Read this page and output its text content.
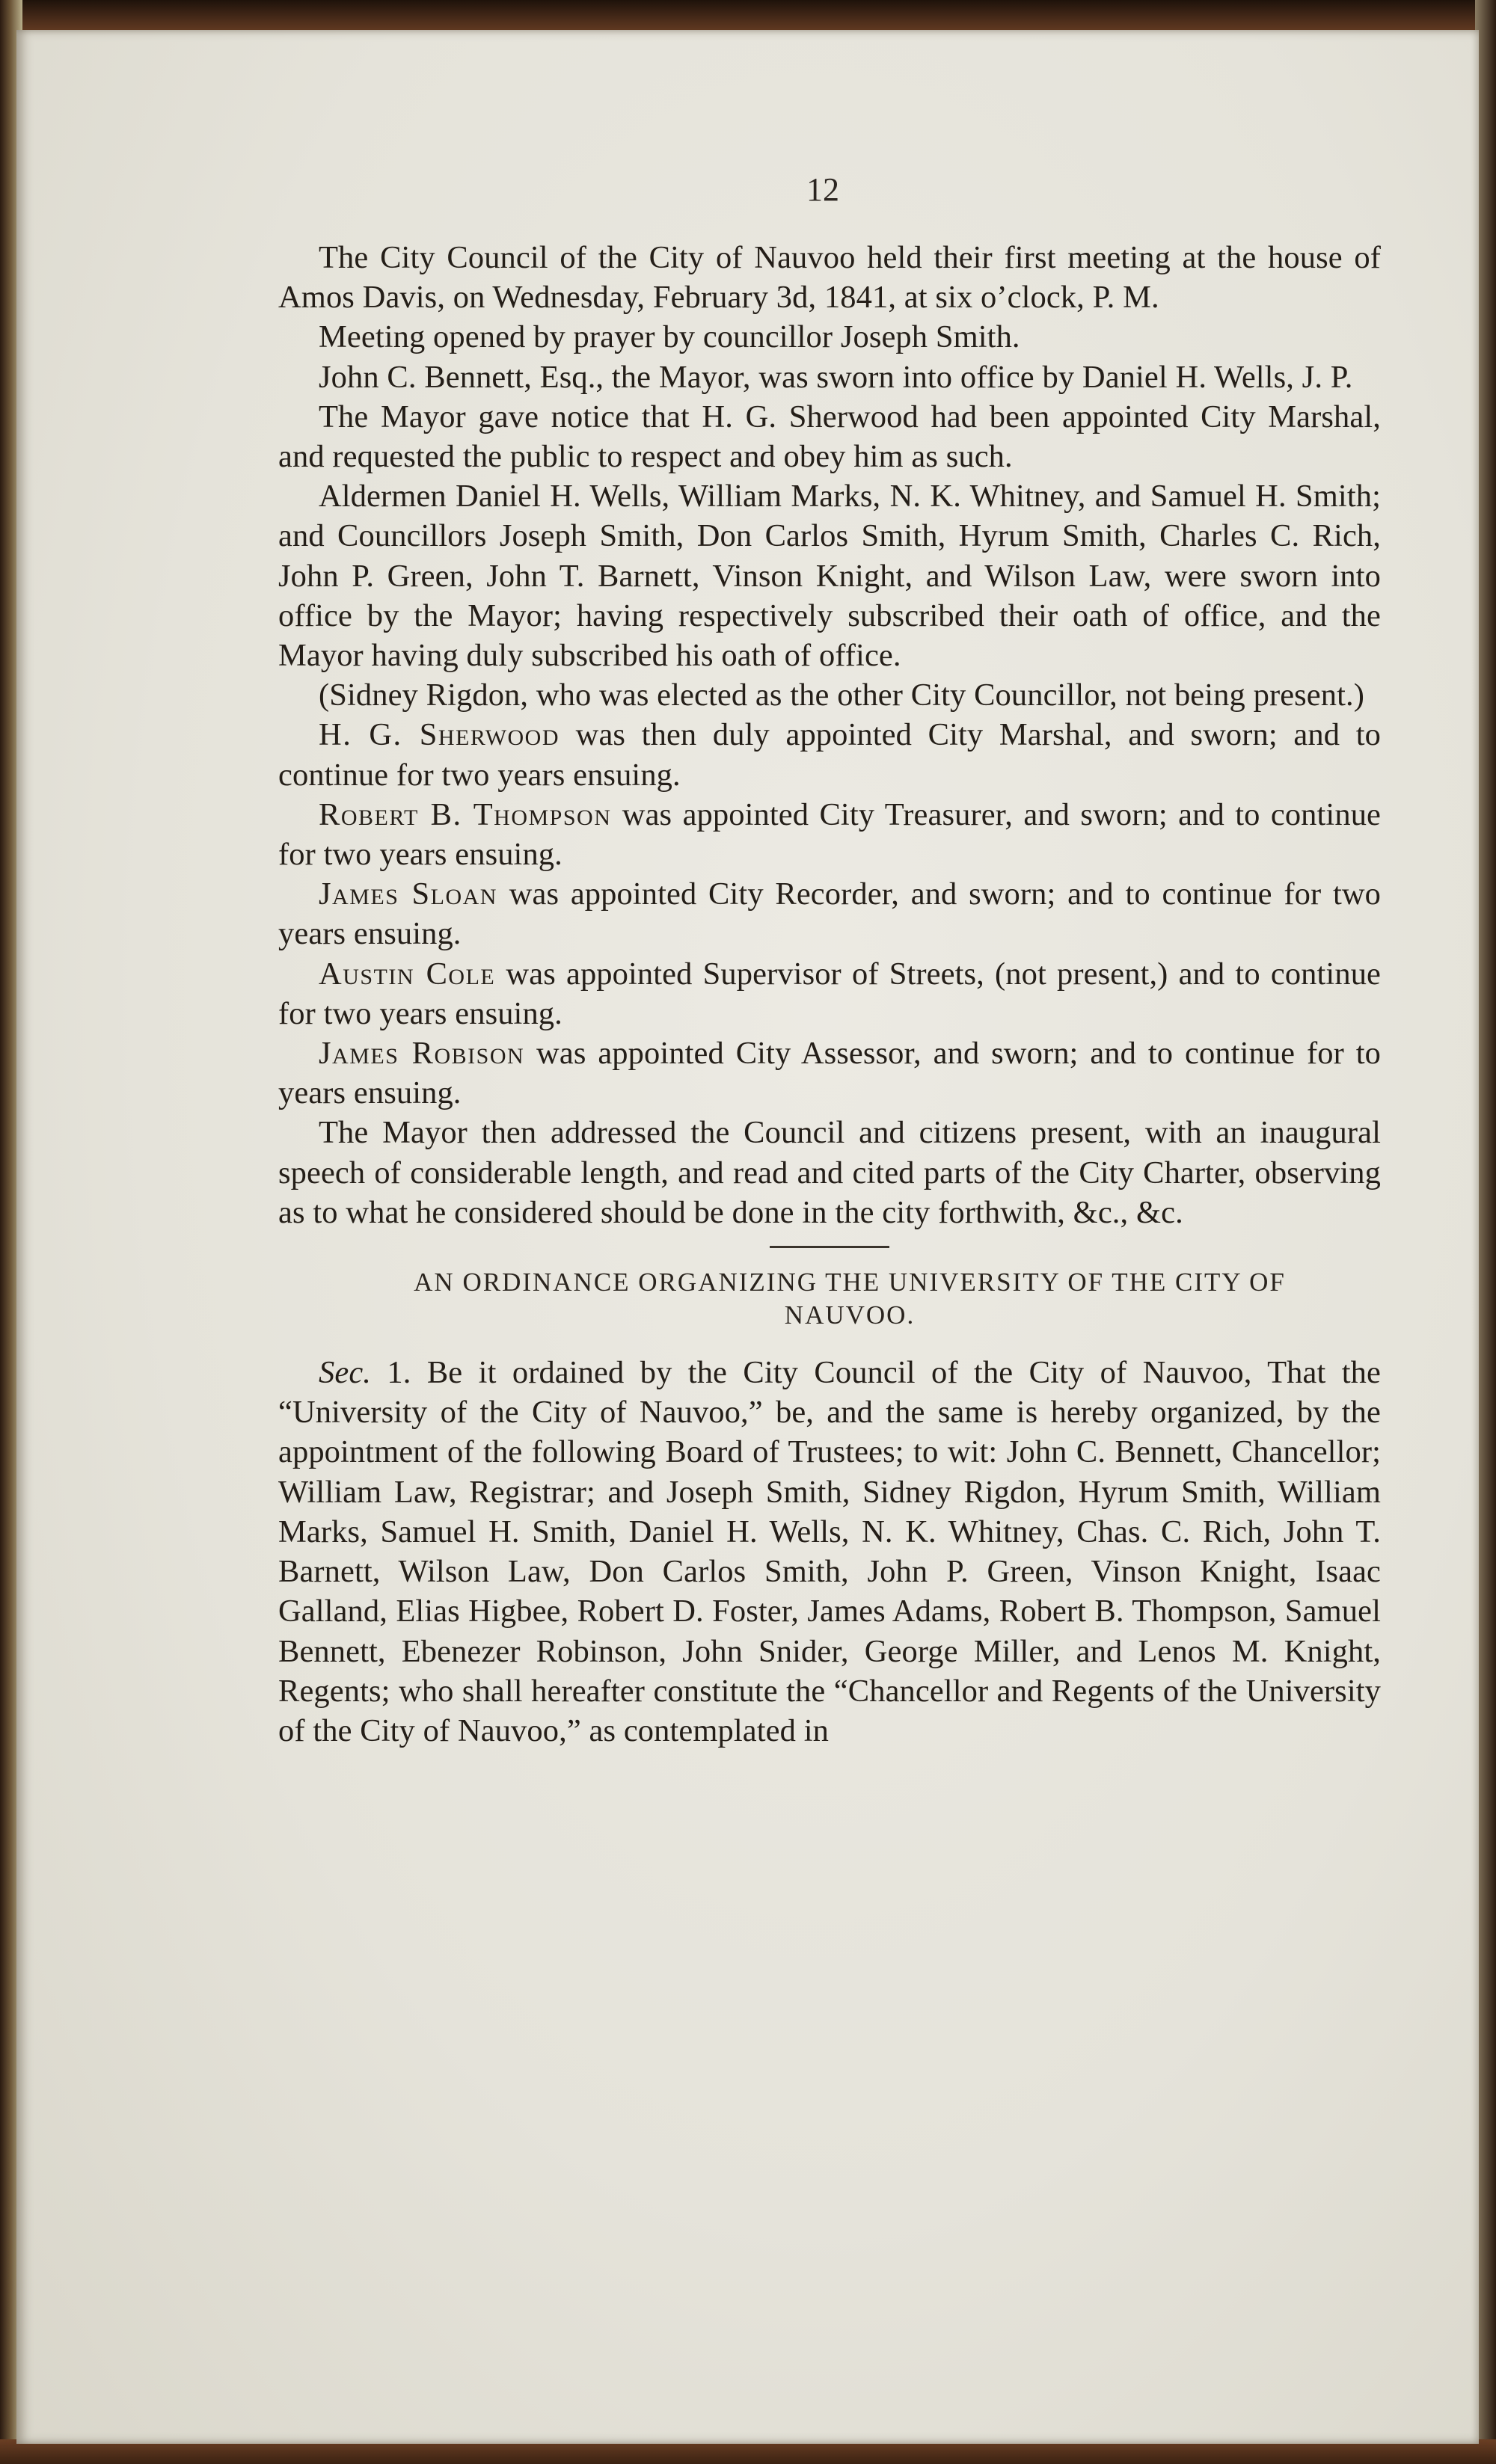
12

The City Council of the City of Nauvoo held their first meeting at the house of Amos Davis, on Wednesday, February 3d, 1841, at six o’clock, P. M.

Meeting opened by prayer by councillor Joseph Smith.

John C. Bennett, Esq., the Mayor, was sworn into office by Daniel H. Wells, J. P.

The Mayor gave notice that H. G. Sherwood had been appointed City Marshal, and requested the public to respect and obey him as such.

Aldermen Daniel H. Wells, William Marks, N. K. Whitney, and Samuel H. Smith; and Councillors Joseph Smith, Don Carlos Smith, Hyrum Smith, Charles C. Rich, John P. Green, John T. Barnett, Vinson Knight, and Wilson Law, were sworn into office by the Mayor; having respectively subscribed their oath of office, and the Mayor having duly subscribed his oath of office.

(Sidney Rigdon, who was elected as the other City Councillor, not being present.)

H. G. Sherwood was then duly appointed City Marshal, and sworn; and to continue for two years ensuing.

Robert B. Thompson was appointed City Treasurer, and sworn; and to continue for two years ensuing.

James Sloan was appointed City Recorder, and sworn; and to continue for two years ensuing.

Austin Cole was appointed Supervisor of Streets, (not present,) and to continue for two years ensuing.

James Robison was appointed City Assessor, and sworn; and to continue for to years ensuing.

The Mayor then addressed the Council and citizens present, with an inaugural speech of considerable length, and read and cited parts of the City Charter, observing as to what he considered should be done in the city forthwith, &c., &c.

AN ORDINANCE ORGANIZING THE UNIVERSITY OF THE CITY OF

NAUVOO.

Sec. 1. Be it ordained by the City Council of the City of Nauvoo, That the “University of the City of Nauvoo,” be, and the same is hereby organized, by the appointment of the following Board of Trustees; to wit: John C. Bennett, Chancellor; William Law, Registrar; and Joseph Smith, Sidney Rigdon, Hyrum Smith, William Marks, Samuel H. Smith, Daniel H. Wells, N. K. Whitney, Chas. C. Rich, John T. Barnett, Wilson Law, Don Carlos Smith, John P. Green, Vinson Knight, Isaac Galland, Elias Higbee, Robert D. Foster, James Adams, Robert B. Thompson, Samuel Bennett, Ebenezer Robinson, John Snider, George Miller, and Lenos M. Knight, Regents; who shall hereafter constitute the “Chancellor and Regents of the University of the City of Nauvoo,” as contemplated in
